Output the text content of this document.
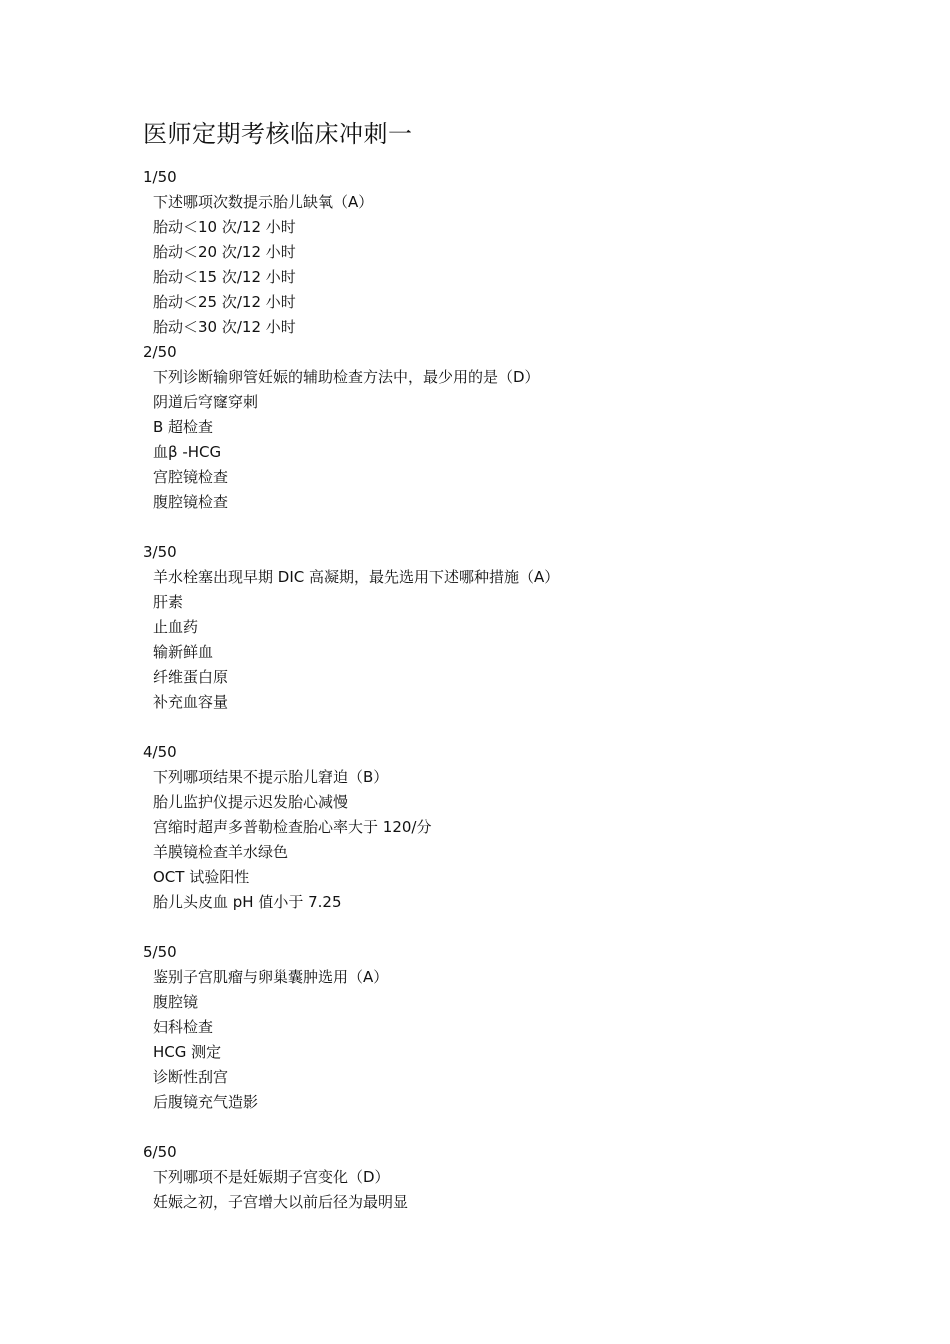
医师定期考核临床冲刺一
1/50
下述哪项次数提示胎儿缺氧（A）
胎动＜10 次/12 小时
胎动＜20 次/12 小时
胎动＜15 次/12 小时
胎动＜25 次/12 小时
胎动＜30 次/12 小时
2/50
下列诊断输卵管妊娠的辅助检查方法中，最少用的是（D）
阴道后穹窿穿刺
B 超检查
血β -HCG
宫腔镜检查
腹腔镜检查
3/50
羊水栓塞出现早期 DIC 高凝期，最先选用下述哪种措施（A）
肝素
止血药
输新鲜血
纤维蛋白原
补充血容量
4/50
下列哪项结果不提示胎儿窘迫（B）
胎儿监护仪提示迟发胎心减慢
宫缩时超声多普勒检查胎心率大于 120/分
羊膜镜检查羊水绿色
OCT 试验阳性
胎儿头皮血 pH 值小于 7.25
5/50
鉴别子宫肌瘤与卵巢囊肿选用（A）
腹腔镜
妇科检查
HCG 测定
诊断性刮宫
后腹镜充气造影
6/50
下列哪项不是妊娠期子宫变化（D）
妊娠之初，子宫增大以前后径为最明显
